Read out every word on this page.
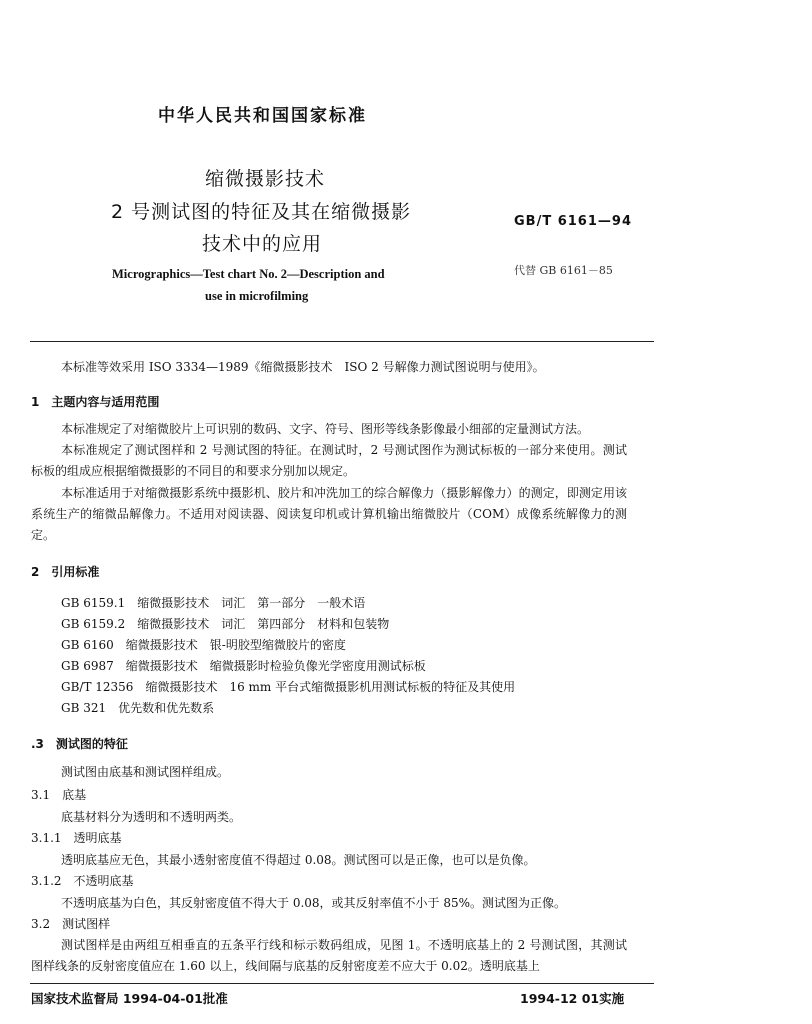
中华人民共和国国家标准
缩微摄影技术
2 号测试图的特征及其在缩微摄影
技术中的应用
GB/T 6161—94
代替 GB 6161－85
Micrographics—Test chart No. 2—Description and
use in microfilming
本标准等效采用 ISO 3334—1989《缩微摄影技术　ISO 2 号解像力测试图说明与使用》。
1　主题内容与适用范围
本标准规定了对缩微胶片上可识别的数码、文字、符号、图形等线条影像最小细部的定量测试方法。
本标准规定了测试图样和 2 号测试图的特征。在测试时，2 号测试图作为测试标板的一部分来使用。测试标板的组成应根据缩微摄影的不同目的和要求分别加以规定。
本标准适用于对缩微摄影系统中摄影机、胶片和冲洗加工的综合解像力（摄影解像力）的测定，即测定用该系统生产的缩微品解像力。不适用对阅读器、阅读复印机或计算机输出缩微胶片（COM）成像系统解像力的测定。
2　引用标准
GB 6159.1　缩微摄影技术　词汇　第一部分　一般术语
GB 6159.2　缩微摄影技术　词汇　第四部分　材料和包装物
GB 6160　缩微摄影技术　银-明胶型缩微胶片的密度
GB 6987　缩微摄影技术　缩微摄影时检验负像光学密度用测试标板
GB/T 12356　缩微摄影技术　16 mm 平台式缩微摄影机用测试标板的特征及其使用
GB 321　优先数和优先数系
.3　测试图的特征
测试图由底基和测试图样组成。
3.1　底基
底基材料分为透明和不透明两类。
3.1.1　透明底基
透明底基应无色，其最小透射密度值不得超过 0.08。测试图可以是正像，也可以是负像。
3.1.2　不透明底基
不透明底基为白色，其反射密度值不得大于 0.08，或其反射率值不小于 85%。测试图为正像。
3.2　测试图样
测试图样是由两组互相垂直的五条平行线和标示数码组成，见图 1。不透明底基上的 2 号测试图，其测试图样线条的反射密度值应在 1.60 以上，线间隔与底基的反射密度差不应大于 0.02。透明底基上
国家技术监督局 1994-04-01批准	1994-12 01实施
